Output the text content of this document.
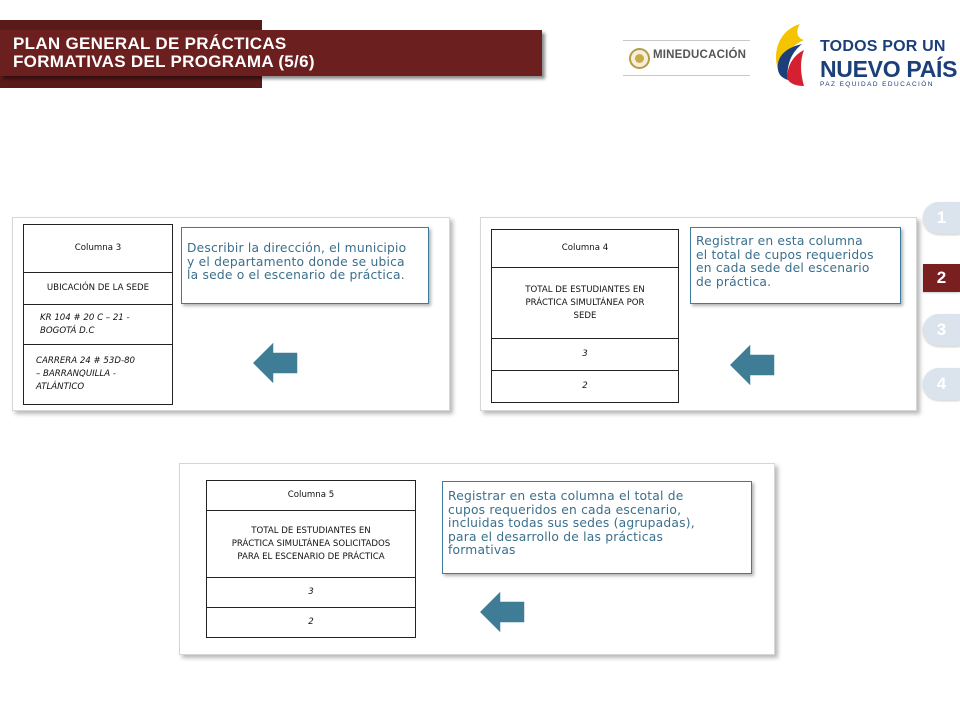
PLAN GENERAL DE PRÁCTICAS
FORMATIVAS DEL PROGRAMA (5/6)	MINEDUCACIÓN	TODOS POR UN
NUEVO PAÍS
PAZ EQUIDAD EDUCACIÓN
1
2
3
4
Columna 3
UBICACIÓN DE LA SEDE

KR 104 # 20 C – 21 -
BOGOTÁ D.C

CARRERA 24 # 53D-80
– BARRANQUILLA -
ATLÁNTICO
Describir la dirección, el municipio
y el departamento donde se ubica
la sede o el escenario de práctica.
Columna 4

TOTAL DE ESTUDIANTES EN
PRÁCTICA SIMULTÁNEA POR
SEDE

3
2
Registrar en esta columna
el total de cupos requeridos
en cada sede del escenario
de práctica.
Columna 5

TOTAL DE ESTUDIANTES EN
PRÁCTICA SIMULTÁNEA SOLICITADOS
PARA EL ESCENARIO DE PRÁCTICA

3
2
Registrar en esta columna el total de
cupos requeridos en cada escenario,
incluidas todas sus sedes (agrupadas),
para el desarrollo de las prácticas
formativas
